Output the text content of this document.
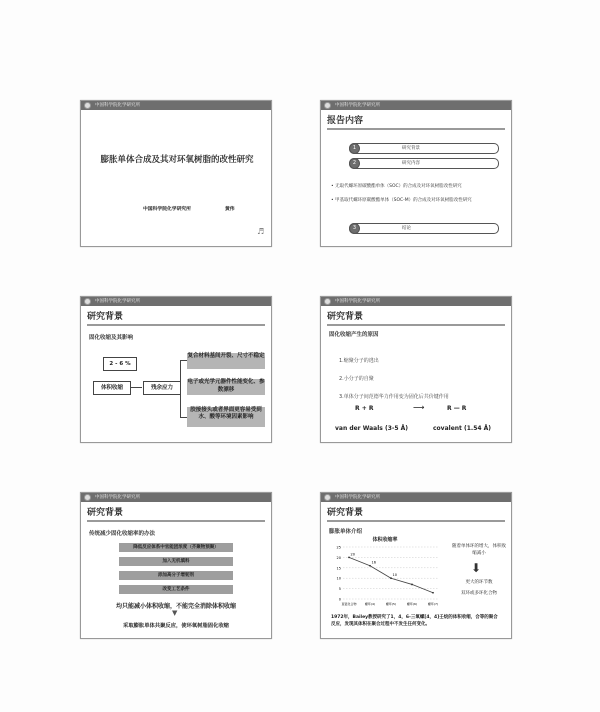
中国科学院化学研究所
膨胀单体合成及其对环氧树脂的改性研究
中国科学院化学研究所	黄伟
♬
中国科学院化学研究所
报告内容
1	研究背景
2	研究内容
• 无取代螺环原碳酸酯单体（SOC）的合成及对环氧树脂改性研究
• 甲基取代螺环原碳酸酯单体（SOC-M）的合成及对环氧树脂改性研究
3	结论
中国科学院化学研究所
研究背景
固化收缩及其影响
2 - 6 %
体积收缩	残余应力
复合材料基间开裂、尺寸不稳定
电子或光学元器件性能变化、参数漂移
胶接接头或者界面更容易受到水、酸等环境因素影响
中国科学院化学研究所
研究背景
固化收缩产生的原因
1.缩聚分子的逃出
2.小分子的自聚
3.单体分子间范德华力作用变为固化后共价键作用
R + R	⟶	R — R
van der Waals (3-5 Å)	covalent (1.54 Å)
中国科学院化学研究所
研究背景
传统减少固化收缩率的办法
降低反应体系中官能团浓度（齐聚物预聚）
加入无机填料
添加高分子增韧剂
改变工艺条件
均只能减小体积收缩，不能完全消除体积收缩
▼
采取膨胀单体共聚反应，使环氧树脂固化收缩
中国科学院化学研究所
研究背景
膨胀单体介绍
体积收缩率
0
5
10
15
20
25
20
16
10
直链化合物	螺环(4)	螺环(5)	螺环(6)	螺环(7)
随着单体环的增大，体积收缩减小
⬇
更大的环节数
双环或多环化合物
1972年，Bailey教授研究了1，4，6-三氧螺[4，4]壬烷的体积收缩，合等的聚合反应，发现其体积在聚合过程中不发生任何变化。
